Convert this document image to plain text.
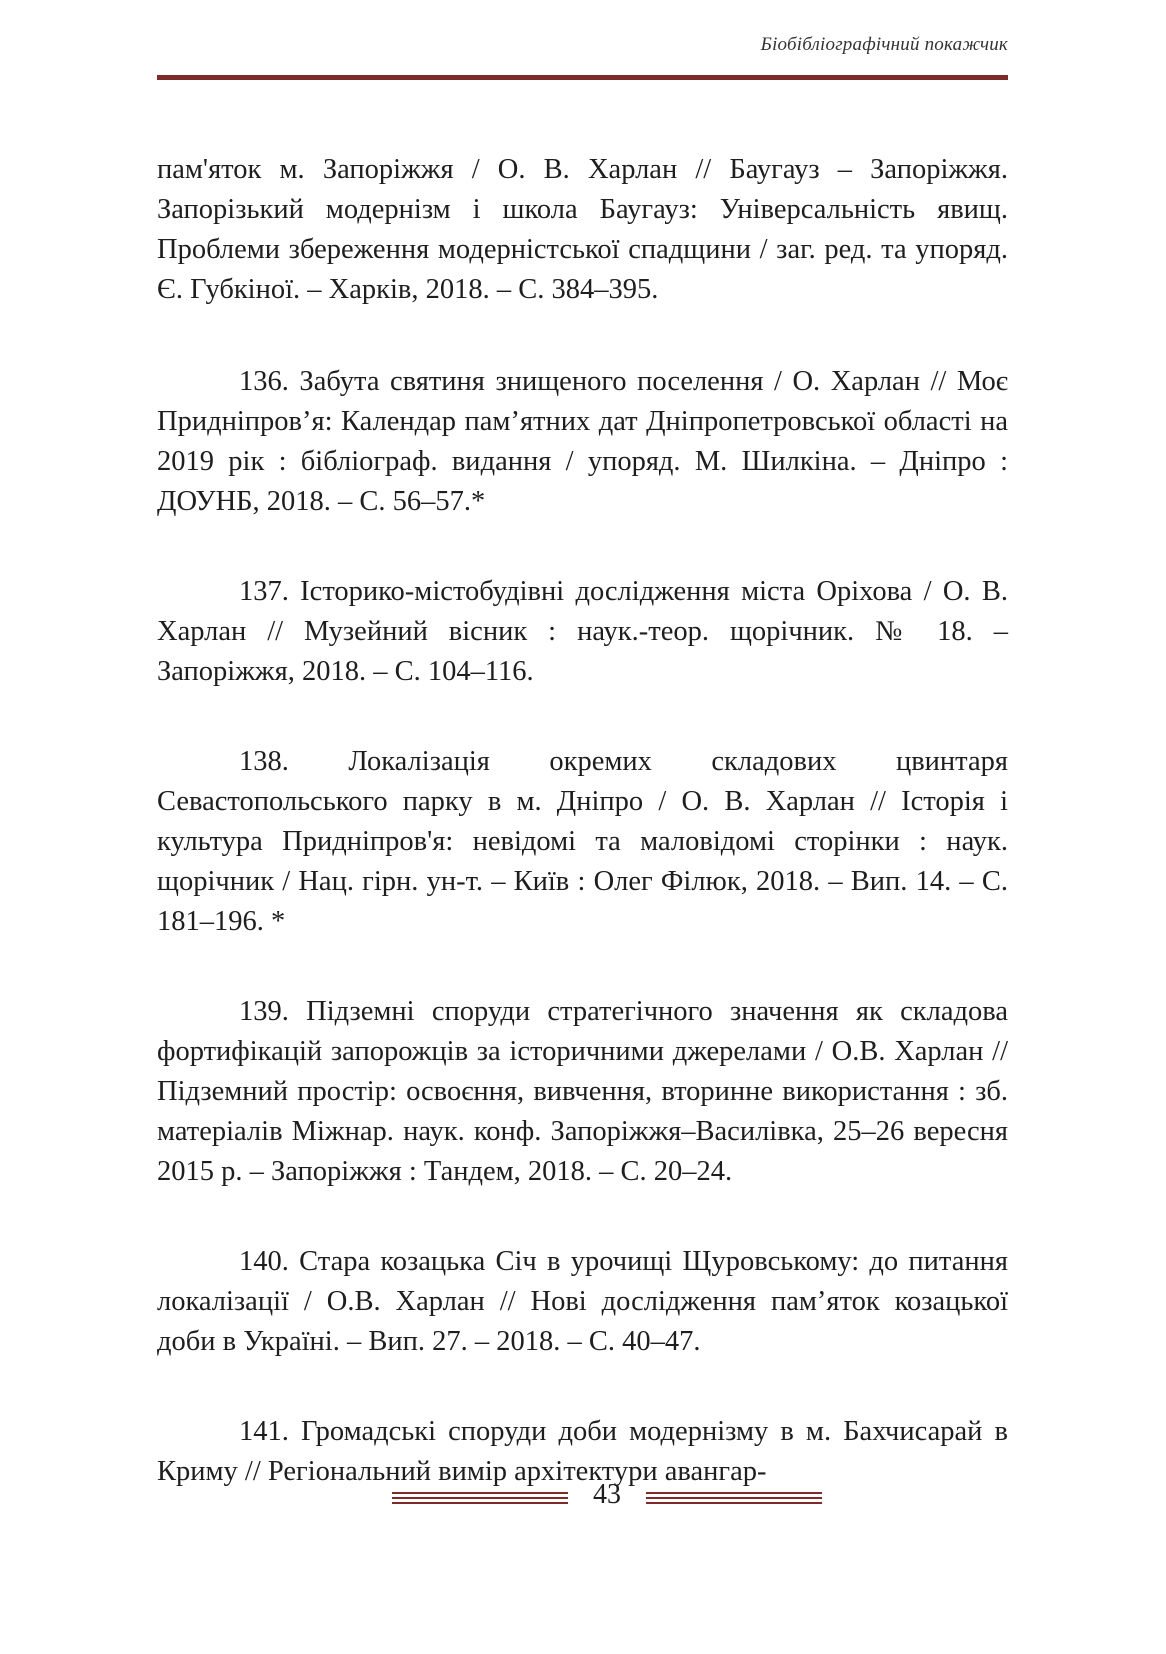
Біобібліографічний покажчик

пам'яток м. Запоріжжя / О. В. Харлан // Баугауз – Запоріжжя. Запорізький модернізм і школа Баугауз: Універсальність явищ. Проблеми збереження модерністської спадщини / заг. ред. та упоряд. Є. Губкіної. – Харків, 2018. – С. 384–395.

136. Забута святиня знищеного поселення / О. Харлан // Моє Придніпров’я: Календар пам’ятних дат Дніпропетровської області на 2019 рік : бібліограф. видання / упоряд. М. Шилкіна. – Дніпро : ДОУНБ, 2018. – С. 56–57.*

137. Історико-містобудівні дослідження міста Оріхова / О. В. Харлан // Музейний вісник : наук.-теор. щорічник. № 18. – Запоріжжя, 2018. – С. 104–116.

138. Локалізація окремих складових цвинтаря Севастопольського парку в м. Дніпро / О. В. Харлан // Історія і культура Придніпров'я: невідомі та маловідомі сторінки : наук. щорічник / Нац. гірн. ун-т. – Київ : Олег Філюк, 2018. – Вип. 14. – С. 181–196. *

139. Підземні споруди стратегічного значення як складова фортифікацій запорожців за історичними джерелами / О.В. Харлан // Підземний простір: освоєння, вивчення, вторинне використання : зб. матеріалів Міжнар. наук. конф. Запоріжжя–Василівка, 25–26 вересня 2015 р. – Запоріжжя : Тандем, 2018. – С. 20–24.

140. Стара козацька Січ в урочищі Щуровському: до питання локалізації / О.В. Харлан // Нові дослідження пам’яток козацької доби в Україні. – Вип. 27. – 2018. – С. 40–47.

141. Громадські споруди доби модернізму в м. Бахчисарай в Криму // Регіональний вимір архітектури авангар-

43
